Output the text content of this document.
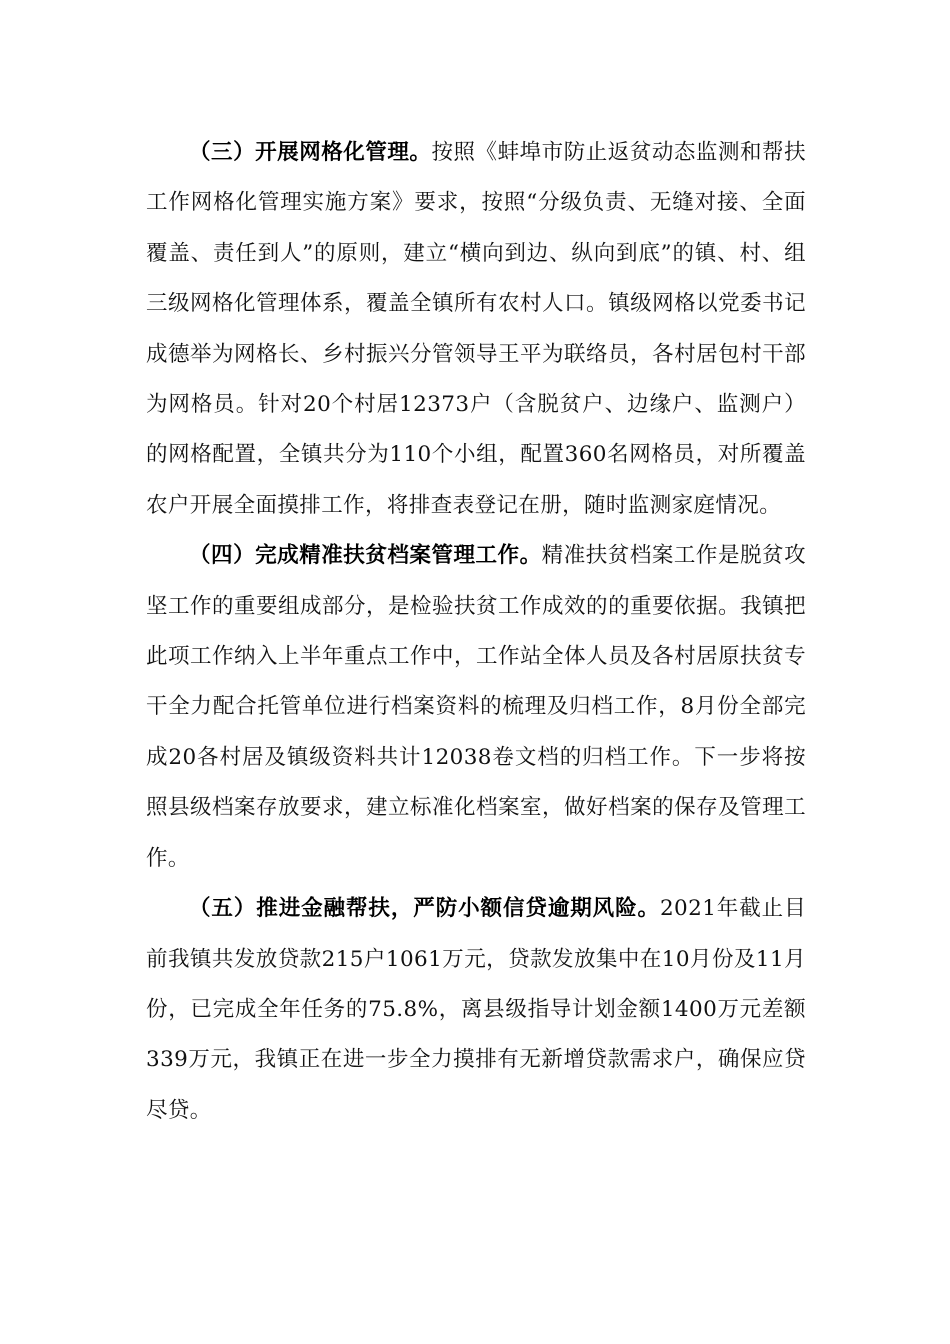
（三）开展网格化管理。按照《蚌埠市防止返贫动态监测和帮扶工作网格化管理实施方案》要求，按照“分级负责、无缝对接、全面覆盖、责任到人”的原则，建立“横向到边、纵向到底”的镇、村、组三级网格化管理体系，覆盖全镇所有农村人口。镇级网格以党委书记成德举为网格长、乡村振兴分管领导王平为联络员，各村居包村干部为网格员。针对20个村居12373户（含脱贫户、边缘户、监测户）的网格配置，全镇共分为110个小组，配置360名网格员，对所覆盖农户开展全面摸排工作，将排查表登记在册，随时监测家庭情况。

（四）完成精准扶贫档案管理工作。精准扶贫档案工作是脱贫攻坚工作的重要组成部分，是检验扶贫工作成效的的重要依据。我镇把此项工作纳入上半年重点工作中，工作站全体人员及各村居原扶贫专干全力配合托管单位进行档案资料的梳理及归档工作，8月份全部完成20各村居及镇级资料共计12038卷文档的归档工作。下一步将按照县级档案存放要求，建立标准化档案室，做好档案的保存及管理工作。

（五）推进金融帮扶，严防小额信贷逾期风险。2021年截止目前我镇共发放贷款215户1061万元，贷款发放集中在10月份及11月份，已完成全年任务的75.8%，离县级指导计划金额1400万元差额339万元，我镇正在进一步全力摸排有无新增贷款需求户，确保应贷尽贷。
